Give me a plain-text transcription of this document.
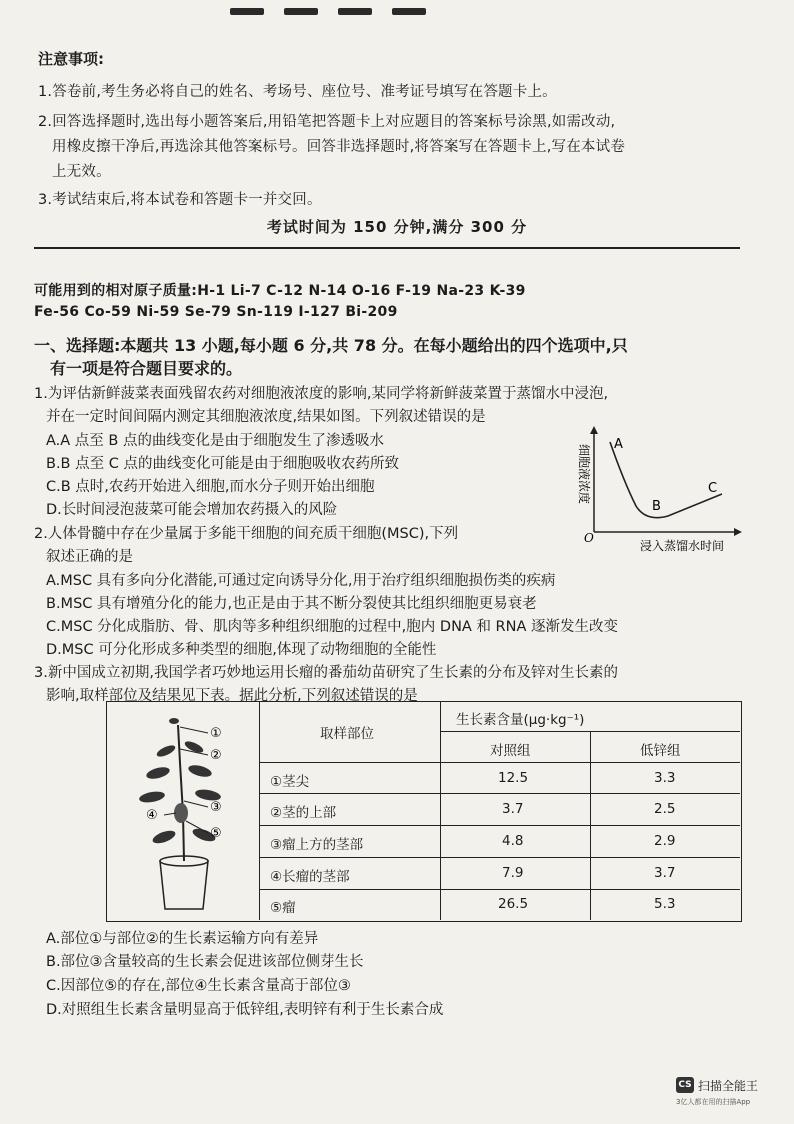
注意事项:
1.答卷前,考生务必将自己的姓名、考场号、座位号、准考证号填写在答题卡上。
2.回答选择题时,选出每小题答案后,用铅笔把答题卡上对应题目的答案标号涂黑,如需改动,
用橡皮擦干净后,再选涂其他答案标号。回答非选择题时,将答案写在答题卡上,写在本试卷
上无效。
3.考试结束后,将本试卷和答题卡一并交回。
考试时间为 150 分钟,满分 300 分
可能用到的相对原子质量:H-1 Li-7 C-12 N-14 O-16 F-19 Na-23 K-39
Fe-56 Co-59 Ni-59 Se-79 Sn-119 I-127 Bi-209
一、选择题:本题共 13 小题,每小题 6 分,共 78 分。在每小题给出的四个选项中,只
有一项是符合题目要求的。
1.为评估新鲜菠菜表面残留农药对细胞液浓度的影响,某同学将新鲜菠菜置于蒸馏水中浸泡,
并在一定时间间隔内测定其细胞液浓度,结果如图。下列叙述错误的是
A.A 点至 B 点的曲线变化是由于细胞发生了渗透吸水
B.B 点至 C 点的曲线变化可能是由于细胞吸收农药所致
C.B 点时,农药开始进入细胞,而水分子则开始出细胞
D.长时间浸泡菠菜可能会增加农药摄入的风险
A
B
C
O
浸入蒸馏水时间
细胞液浓度
2.人体骨髓中存在少量属于多能干细胞的间充质干细胞(MSC),下列
叙述正确的是
A.MSC 具有多向分化潜能,可通过定向诱导分化,用于治疗组织细胞损伤类的疾病
B.MSC 具有增殖分化的能力,也正是由于其不断分裂使其比组织细胞更易衰老
C.MSC 分化成脂肪、骨、肌肉等多种组织细胞的过程中,胞内 DNA 和 RNA 逐渐发生改变
D.MSC 可分化形成多种类型的细胞,体现了动物细胞的全能性
3.新中国成立初期,我国学者巧妙地运用长瘤的番茄幼苗研究了生长素的分布及锌对生长素的
影响,取样部位及结果见下表。据此分析,下列叙述错误的是
取样部位
生长素含量(μg·kg⁻¹)
对照组	低锌组
①茎尖	12.5	3.3
②茎的上部	3.7	2.5
③瘤上方的茎部	4.8	2.9
④长瘤的茎部	7.9	3.7
⑤瘤	26.5	5.3
①
②
③
④
⑤
A.部位①与部位②的生长素运输方向有差异
B.部位③含量较高的生长素会促进该部位侧芽生长
C.因部位⑤的存在,部位④生长素含量高于部位③
D.对照组生长素含量明显高于低锌组,表明锌有利于生长素合成
CS 扫描全能王
3亿人都在用的扫描App
